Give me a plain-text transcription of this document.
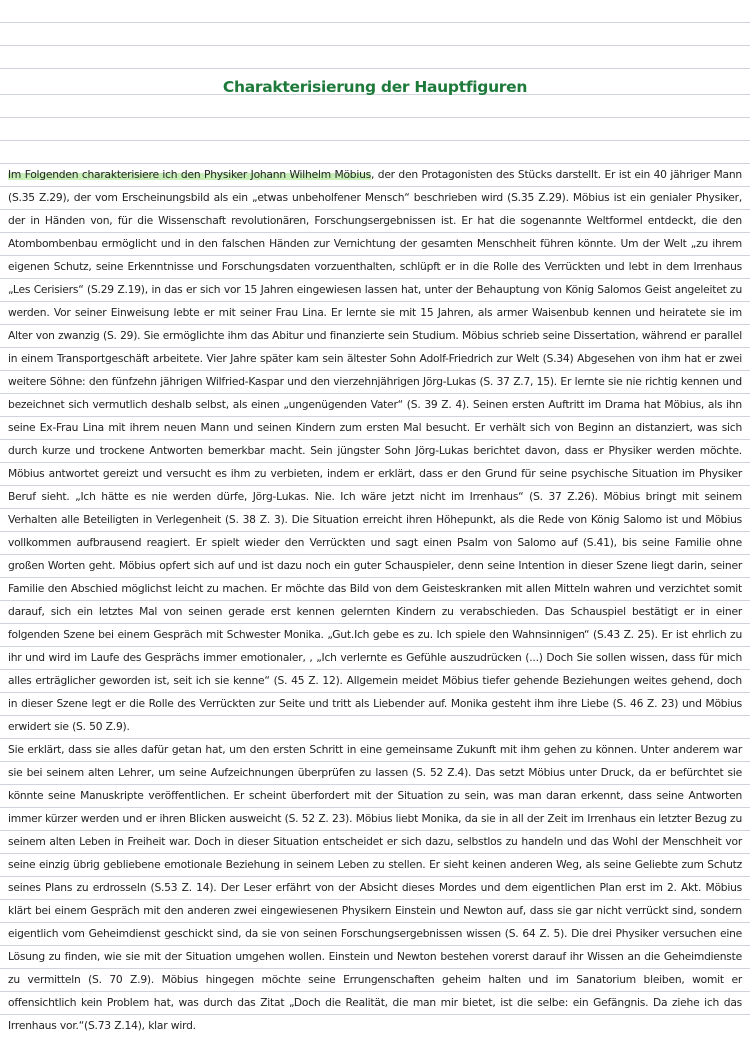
Charakterisierung der Hauptfiguren

Im Folgenden charakterisiere ich den Physiker Johann Wilhelm Möbius, der den Protagonisten des Stücks darstellt. Er ist ein 40 jähriger Mann (S.35 Z.29), der vom Erscheinungsbild als ein „etwas unbeholfener Mensch“ beschrieben wird (S.35 Z.29). Möbius ist ein genialer Physiker, der in Händen von, für die Wissenschaft revolutionären, Forschungsergebnissen ist. Er hat die sogenannte Weltformel entdeckt, die den Atombombenbau ermöglicht und in den falschen Händen zur Vernichtung der gesamten Menschheit führen könnte. Um der Welt „zu ihrem eigenen Schutz, seine Erkenntnisse und Forschungsdaten vorzuenthalten, schlüpft er in die Rolle des Verrückten und lebt in dem Irrenhaus „Les Cerisiers“ (S.29 Z.19), in das er sich vor 15 Jahren eingewiesen lassen hat, unter der Behauptung von König Salomos Geist angeleitet zu werden. Vor seiner Einweisung lebte er mit seiner Frau Lina. Er lernte sie mit 15 Jahren, als armer Waisenbub kennen und heiratete sie im Alter von zwanzig (S. 29). Sie ermöglichte ihm das Abitur und finanzierte sein Studium. Möbius schrieb seine Dissertation, während er parallel in einem Transportgeschäft arbeitete. Vier Jahre später kam sein ältester Sohn Adolf-Friedrich zur Welt (S.34) Abgesehen von ihm hat er zwei weitere Söhne: den fünfzehn jährigen Wilfried-Kaspar und den vierzehnjährigen Jörg-Lukas (S. 37 Z.7, 15). Er lernte sie nie richtig kennen und bezeichnet sich vermutlich deshalb selbst, als einen „ungenügenden Vater“ (S. 39 Z. 4). Seinen ersten Auftritt im Drama hat Möbius, als ihn seine Ex-Frau Lina mit ihrem neuen Mann und seinen Kindern zum ersten Mal besucht. Er verhält sich von Beginn an distanziert, was sich durch kurze und trockene Antworten bemerkbar macht. Sein jüngster Sohn Jörg-Lukas berichtet davon, dass er Physiker werden möchte. Möbius antwortet gereizt und versucht es ihm zu verbieten, indem er erklärt, dass er den Grund für seine psychische Situation im Physiker Beruf sieht. „Ich hätte es nie werden dürfe, Jörg-Lukas. Nie. Ich wäre jetzt nicht im Irrenhaus“ (S. 37 Z.26). Möbius bringt mit seinem Verhalten alle Beteiligten in Verlegenheit (S. 38 Z. 3). Die Situation erreicht ihren Höhepunkt, als die Rede von König Salomo ist und Möbius vollkommen aufbrausend reagiert. Er spielt wieder den Verrückten und sagt einen Psalm von Salomo auf (S.41), bis seine Familie ohne großen Worten geht. Möbius opfert sich auf und ist dazu noch ein guter Schauspieler, denn seine Intention in dieser Szene liegt darin, seiner Familie den Abschied möglichst leicht zu machen. Er möchte das Bild von dem Geisteskranken mit allen Mitteln wahren und verzichtet somit darauf, sich ein letztes Mal von seinen gerade erst kennen gelernten Kindern zu verabschieden. Das Schauspiel bestätigt er in einer folgenden Szene bei einem Gespräch mit Schwester Monika. „Gut.Ich gebe es zu. Ich spiele den Wahnsinnigen“ (S.43 Z. 25). Er ist ehrlich zu ihr und wird im Laufe des Gesprächs immer emotionaler, , „Ich verlernte es Gefühle auszudrücken (...) Doch Sie sollen wissen, dass für mich alles erträglicher geworden ist, seit ich sie kenne“ (S. 45 Z. 12). Allgemein meidet Möbius tiefer gehende Beziehungen weites gehend, doch in dieser Szene legt er die Rolle des Verrückten zur Seite und tritt als Liebender auf. Monika gesteht ihm ihre Liebe (S. 46 Z. 23) und Möbius erwidert sie (S. 50 Z.9).

Sie erklärt, dass sie alles dafür getan hat, um den ersten Schritt in eine gemeinsame Zukunft mit ihm gehen zu können. Unter anderem war sie bei seinem alten Lehrer, um seine Aufzeichnungen überprüfen zu lassen (S. 52 Z.4). Das setzt Möbius unter Druck, da er befürchtet sie könnte seine Manuskripte veröffentlichen. Er scheint überfordert mit der Situation zu sein, was man daran erkennt, dass seine Antworten immer kürzer werden und er ihren Blicken ausweicht (S. 52 Z. 23). Möbius liebt Monika, da sie in all der Zeit im Irrenhaus ein letzter Bezug zu seinem alten Leben in Freiheit war. Doch in dieser Situation entscheidet er sich dazu, selbstlos zu handeln und das Wohl der Menschheit vor seine einzig übrig gebliebene emotionale Beziehung in seinem Leben zu stellen. Er sieht keinen anderen Weg, als seine Geliebte zum Schutz seines Plans zu erdrosseln (S.53 Z. 14). Der Leser erfährt von der Absicht dieses Mordes und dem eigentlichen Plan erst im 2. Akt. Möbius klärt bei einem Gespräch mit den anderen zwei eingewiesenen Physikern Einstein und Newton auf, dass sie gar nicht verrückt sind, sondern eigentlich vom Geheimdienst geschickt sind, da sie von seinen Forschungsergebnissen wissen (S. 64 Z. 5). Die drei Physiker versuchen eine Lösung zu finden, wie sie mit der Situation umgehen wollen. Einstein und Newton bestehen vorerst darauf ihr Wissen an die Geheimdienste zu vermitteln (S. 70 Z.9). Möbius hingegen möchte seine Errungenschaften geheim halten und im Sanatorium bleiben, womit er offensichtlich kein Problem hat, was durch das Zitat „Doch die Realität, die man mir bietet, ist die selbe: ein Gefängnis. Da ziehe ich das Irrenhaus vor.“(S.73 Z.14), klar wird.
